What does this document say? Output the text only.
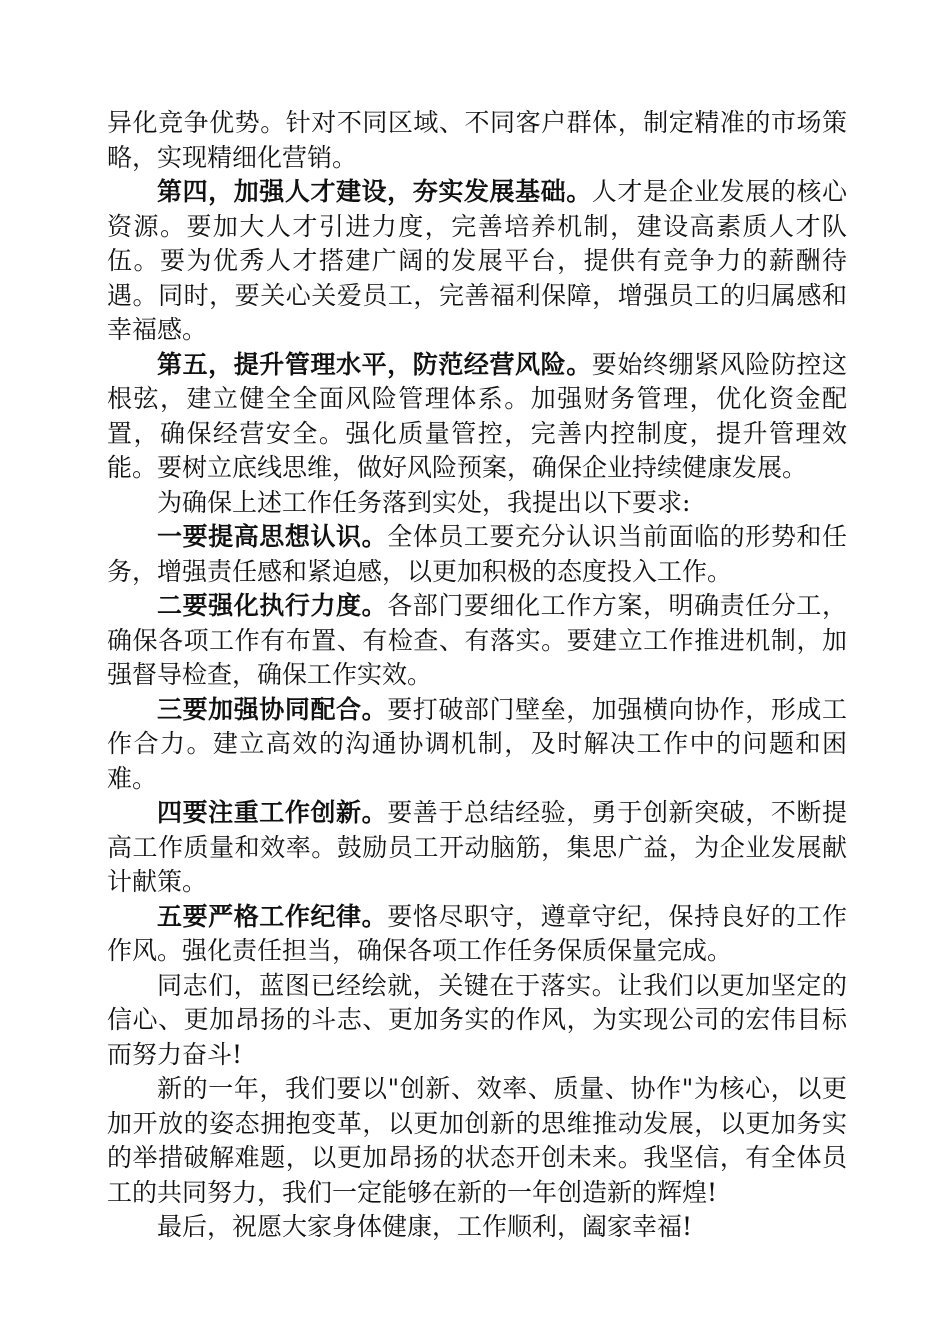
异化竞争优势。针对不同区域、不同客户群体，制定精准的市场策略，实现精细化营销。

第四，加强人才建设，夯实发展基础。人才是企业发展的核心资源。要加大人才引进力度，完善培养机制，建设高素质人才队伍。要为优秀人才搭建广阔的发展平台，提供有竞争力的薪酬待遇。同时，要关心关爱员工，完善福利保障，增强员工的归属感和幸福感。

第五，提升管理水平，防范经营风险。要始终绷紧风险防控这根弦，建立健全全面风险管理体系。加强财务管理，优化资金配置，确保经营安全。强化质量管控，完善内控制度，提升管理效能。要树立底线思维，做好风险预案，确保企业持续健康发展。

为确保上述工作任务落到实处，我提出以下要求:

一要提高思想认识。全体员工要充分认识当前面临的形势和任务，增强责任感和紧迫感，以更加积极的态度投入工作。

二要强化执行力度。各部门要细化工作方案，明确责任分工，确保各项工作有布置、有检查、有落实。要建立工作推进机制，加强督导检查，确保工作实效。

三要加强协同配合。要打破部门壁垒，加强横向协作，形成工作合力。建立高效的沟通协调机制，及时解决工作中的问题和困难。

四要注重工作创新。要善于总结经验，勇于创新突破，不断提高工作质量和效率。鼓励员工开动脑筋，集思广益，为企业发展献计献策。

五要严格工作纪律。要恪尽职守，遵章守纪，保持良好的工作作风。强化责任担当，确保各项工作任务保质保量完成。

同志们，蓝图已经绘就，关键在于落实。让我们以更加坚定的信心、更加昂扬的斗志、更加务实的作风，为实现公司的宏伟目标而努力奋斗!

新的一年，我们要以"创新、效率、质量、协作"为核心，以更加开放的姿态拥抱变革，以更加创新的思维推动发展，以更加务实的举措破解难题，以更加昂扬的状态开创未来。我坚信，有全体员工的共同努力，我们一定能够在新的一年创造新的辉煌!

最后，祝愿大家身体健康，工作顺利，阖家幸福!
